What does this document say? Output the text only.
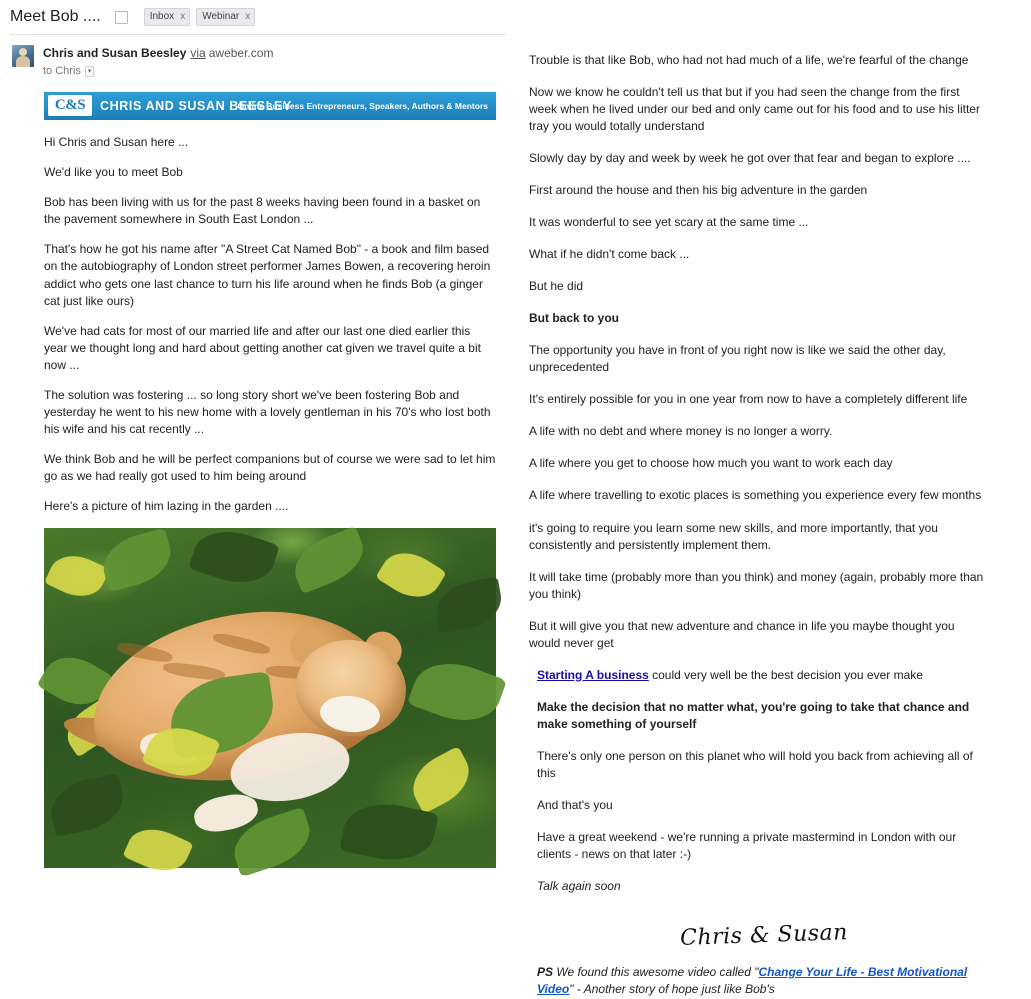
Meet Bob ....	Inbox x Webinar x
Chris and Susan Beesley via aweber.com
to Chris ▾
C&S	CHRIS AND SUSAN BEESLEY
Online Business Entrepreneurs, Speakers, Authors & Mentors

Hi Chris and Susan here ...

We'd like you to meet Bob

Bob has been living with us for the past 8 weeks having been found in a basket on the pavement somewhere in South East London ...

That's how he got his name after "A Street Cat Named Bob" - a book and film based on the autobiography of London street performer James Bowen, a recovering heroin addict who gets one last chance to turn his life around when he finds Bob (a ginger cat just like ours)

We've had cats for most of our married life and after our last one died earlier this year we thought long and hard about getting another cat given we travel quite a bit now ...

The solution was fostering ... so long story short we've been fostering Bob and yesterday he went to his new home with a lovely gentleman in his 70's who lost both his wife and his cat recently ...

We think Bob and he will be perfect companions but of course we were sad to let him go as we had really got used to him being around

Here's a picture of him lazing in the garden ....

Trouble is that like Bob, who had not had much of a life, we're fearful of the change

Now we know he couldn't tell us that but if you had seen the change from the first week when he lived under our bed and only came out for his food and to use his litter tray you would totally understand

Slowly day by day and week by week he got over that fear and began to explore ....

First around the house and then his big adventure in the garden

It was wonderful to see yet scary at the same time ...

What if he didn't come back ...

But he did

But back to you

The opportunity you have in front of you right now is like we said the other day, unprecedented

It's entirely possible for you in one year from now to have a completely different life

A life with no debt and where money is no longer a worry.

A life where you get to choose how much you want to work each day

A life where travelling to exotic places is something you experience every few months

it's going to require you learn some new skills, and more importantly, that you consistently and persistently implement them.

It will take time (probably more than you think) and money (again, probably more than you think)

But it will give you that new adventure and chance in life you maybe thought you would never get

Starting A business could very well be the best decision you ever make

Make the decision that no matter what, you're going to take that chance and make something of yourself

There's only one person on this planet who will hold you back from achieving all of this

And that's you

Have a great weekend - we're running a private mastermind in London with our clients - news on that later :-)

Talk again soon

Chris & Susan
PS We found this awesome video called "Change Your Life - Best Motivational Video" - Another story of hope just like Bob's
